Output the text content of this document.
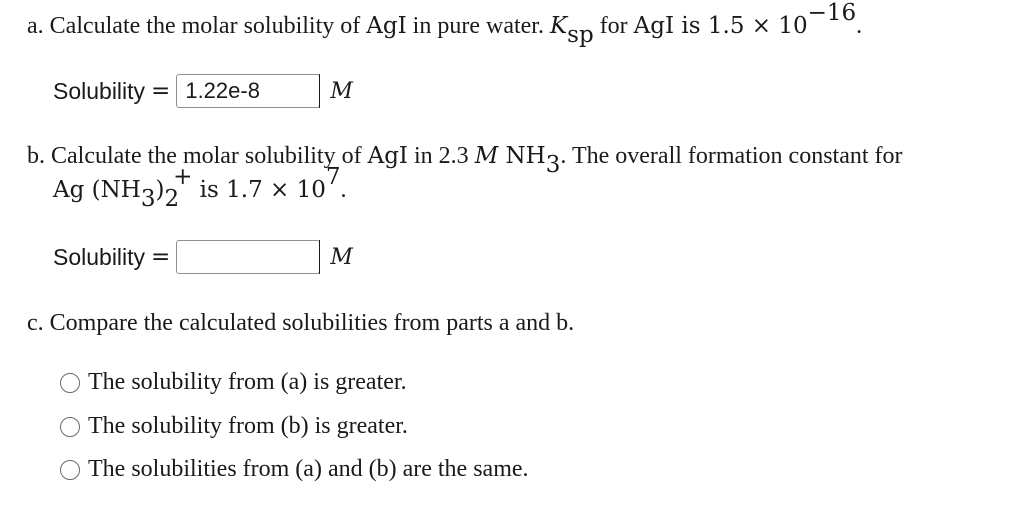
a. Calculate the molar solubility of AgI in pure water. $K_{sp}$ for AgI is $1.5 \times 10^{-16}$.
Solubility =
1.22e-8	M
b. Calculate the molar solubility of AgI in 2.3 M $NH_3$. The overall formation constant for
Ag $(NH_3)_2^+$ is $1.7 \times 10^7$.
Solubility =	M
c. Compare the calculated solubilities from parts a and b.
The solubility from (a) is greater.
The solubility from (b) is greater.
The solubilities from (a) and (b) are the same.
